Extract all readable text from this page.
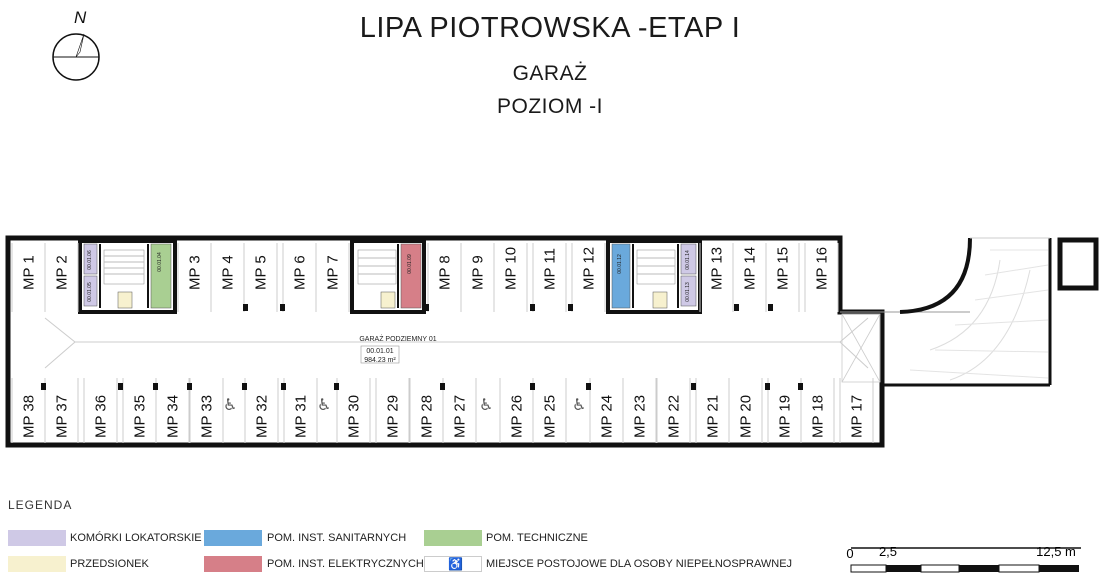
LIPA PIOTROWSKA -ETAP I
GARAŻ
POZIOM -I
N
GARAŻ PODZIEMNY 01
00.01.01
984.23 m²
00.01.06
00.01.05
00.01.04	00.01.09	00.01.12	00.01.14
00.01.13
MP 1 MP 2	MP 3 MP 4 MP 5 MP 6 MP 7	MP 8 MP 9 MP 10 MP 11 MP 12	MP 13 MP 14 MP 15 MP 16
MP 38 MP 37 MP 36 MP 35 MP 34 MP 33	MP 32 MP 31 MP 30 MP 29 MP 28 MP 27	MP 26 MP 25	MP 24 MP 23 MP 22 MP 21 MP 20 MP 19 MP 18 MP 17
♿	♿	♿	♿
0 2,5	12,5 m
LEGENDA
KOMÓRKI LOKATORSKIE
PRZEDSIONEK
POM. INST. SANITARNYCH
POM. INST. ELEKTRYCZNYCH
POM. TECHNICZNE
♿ MIEJSCE POSTOJOWE DLA OSOBY NIEPEŁNOSPRAWNEJ
